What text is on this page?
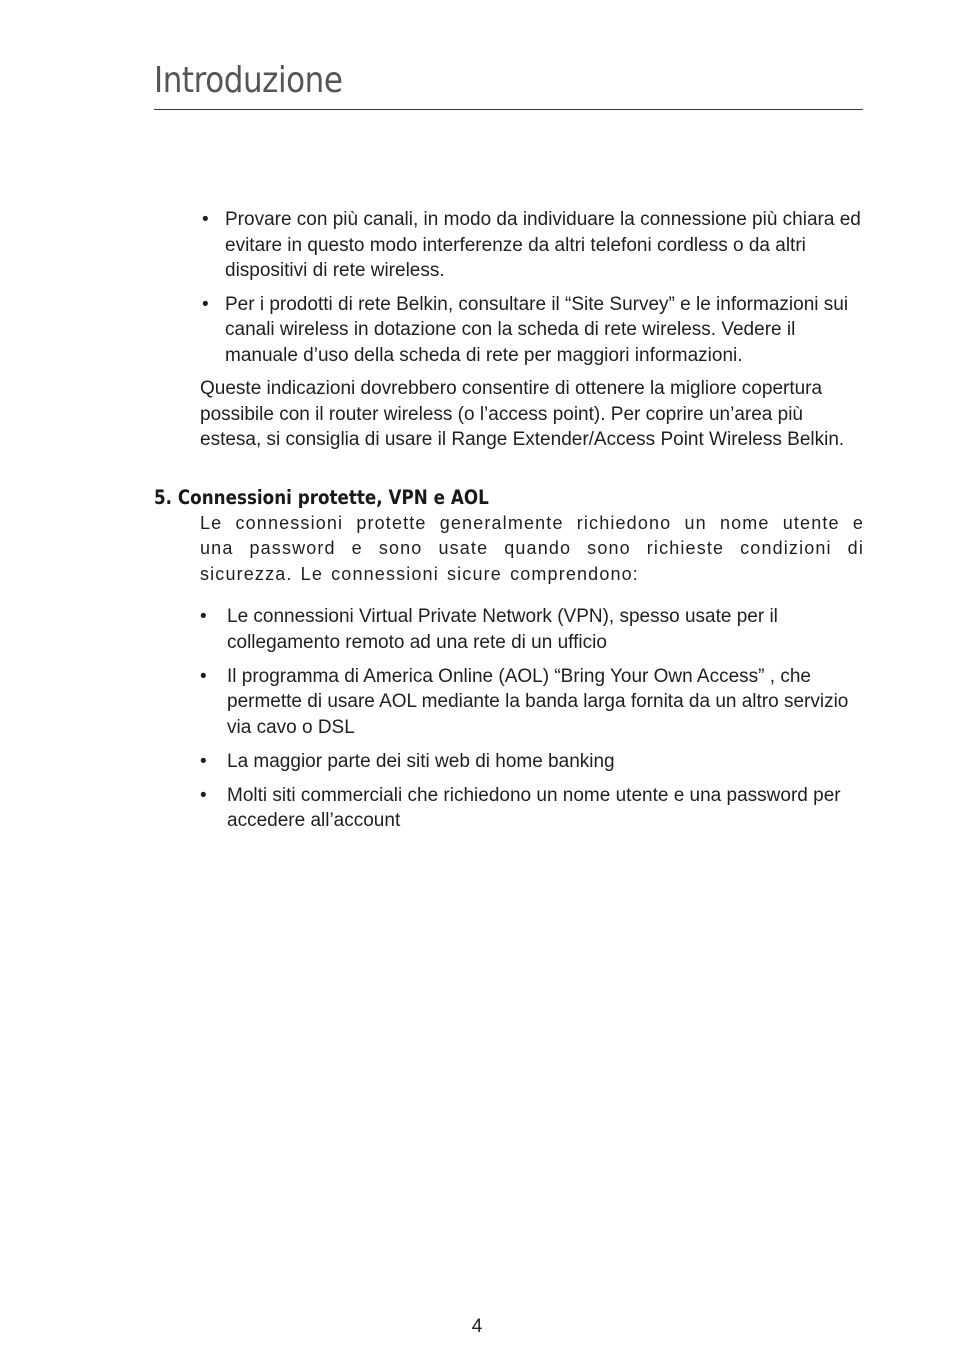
Introduzione
• Provare con più canali, in modo da individuare la connessione più chiara ed evitare in questo modo interferenze da altri telefoni cordless o da altri dispositivi di rete wireless.
• Per i prodotti di rete Belkin, consultare il “Site Survey” e le informazioni sui canali wireless in dotazione con la scheda di rete wireless. Vedere il manuale d’uso della scheda di rete per maggiori informazioni.

Queste indicazioni dovrebbero consentire di ottenere la migliore copertura possibile con il router wireless (o l’access point). Per coprire un’area più estesa, si consiglia di usare il Range Extender/Access Point Wireless Belkin.

5. Connessioni protette, VPN e AOL

Le connessioni protette generalmente richiedono un nome utente e una password e sono usate quando sono richieste condizioni di sicurezza. Le connessioni sicure comprendono:

• Le connessioni Virtual Private Network (VPN), spesso usate per il collegamento remoto ad una rete di un ufficio
• Il programma di America Online (AOL) “Bring Your Own Access” , che permette di usare AOL mediante la banda larga fornita da un altro servizio via cavo o DSL
• La maggior parte dei siti web di home banking
• Molti siti commerciali che richiedono un nome utente e una password per accedere all’account
4
